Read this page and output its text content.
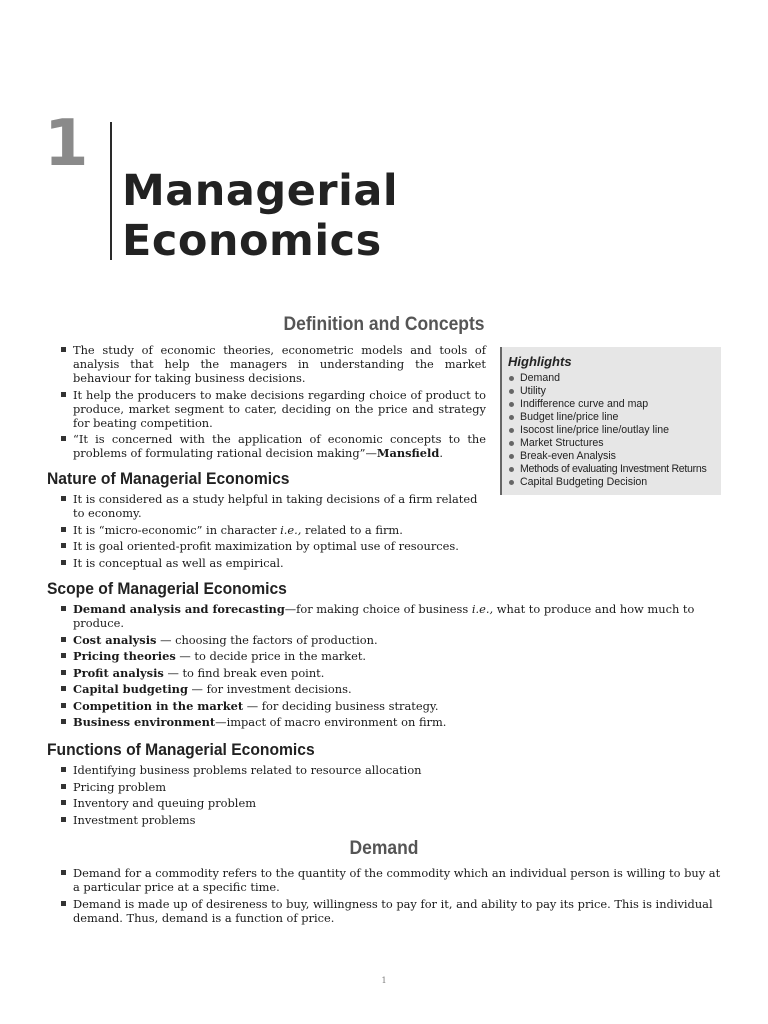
1
Managerial
Economics
Definition and Concepts
The study of economic theories, econometric models and tools of analysis that help the managers in understanding the market behaviour for taking business decisions.
It help the producers to make decisions regarding choice of product to produce, market segment to cater, deciding on the price and strategy for beating competition.
“It is concerned with the application of economic concepts to the problems of formulating rational decision making”—Mansfield.
Highlights
Demand
Utility
Indifference curve and map
Budget line/price line
Isocost line/price line/outlay line
Market Structures
Break-even Analysis
Methods of evaluating Investment Returns
Capital Budgeting Decision
Nature of Managerial Economics
It is considered as a study helpful in taking decisions of a firm related to economy.
It is “micro-economic” in character i.e., related to a firm.
It is goal oriented-profit maximization by optimal use of resources.
It is conceptual as well as empirical.
Scope of Managerial Economics
Demand analysis and forecasting—for making choice of business i.e., what to produce and how much to produce.
Cost analysis — choosing the factors of production.
Pricing theories — to decide price in the market.
Profit analysis — to find break even point.
Capital budgeting — for investment decisions.
Competition in the market — for deciding business strategy.
Business environment—impact of macro environment on firm.
Functions of Managerial Economics
Identifying business problems related to resource allocation
Pricing problem
Inventory and queuing problem
Investment problems
Demand
Demand for a commodity refers to the quantity of the commodity which an individual person is willing to buy at a particular price at a specific time.
Demand is made up of desireness to buy, willingness to pay for it, and ability to pay its price. This is individual demand. Thus, demand is a function of price.
1
